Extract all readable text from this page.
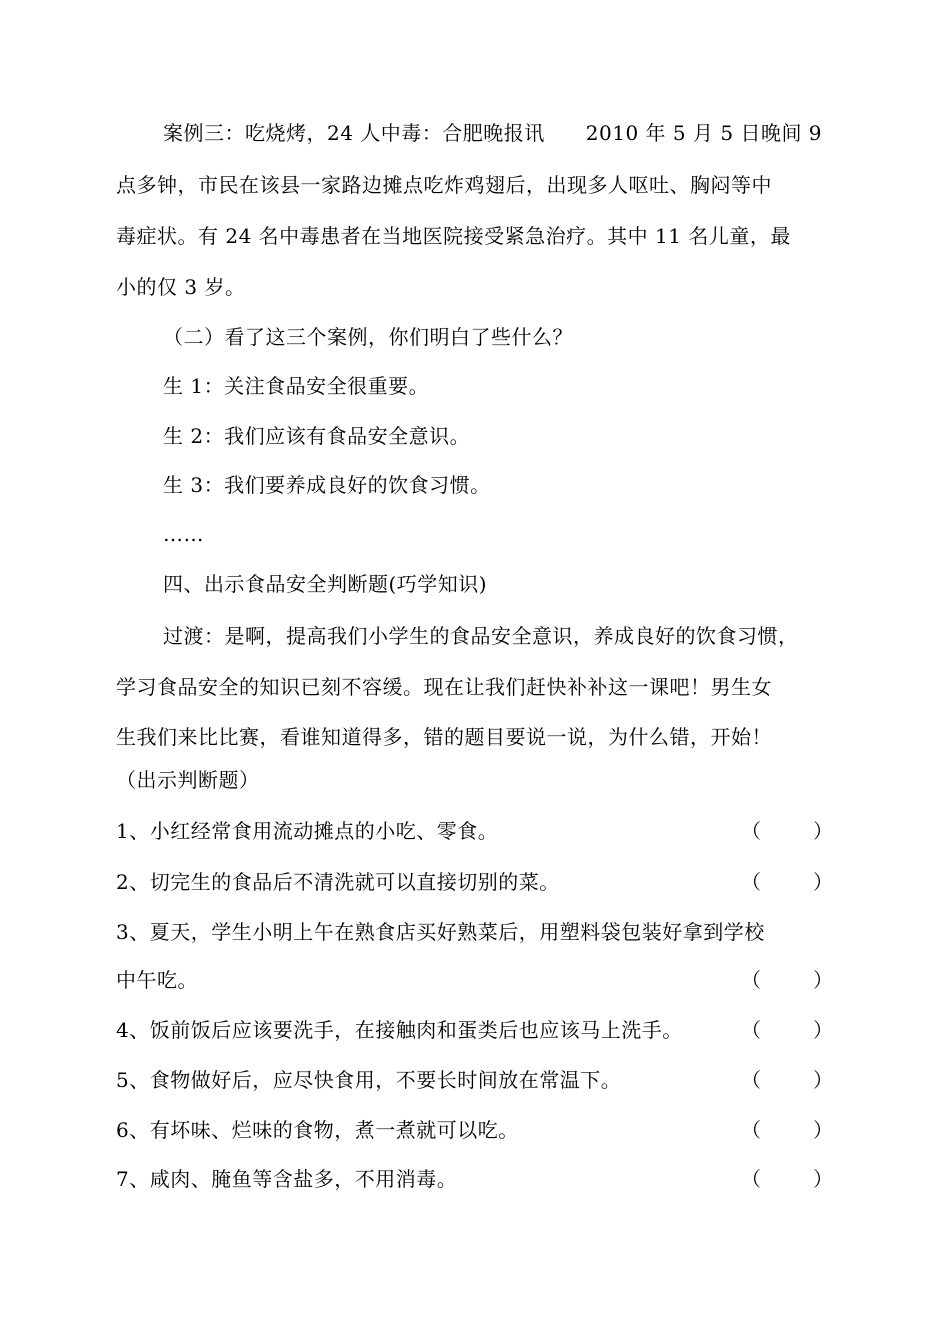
案例三：吃烧烤，24 人中毒：合肥晚报讯　　2010 年 5 月 5 日晚间 9
点多钟，市民在该县一家路边摊点吃炸鸡翅后，出现多人呕吐、胸闷等中
毒症状。有 24 名中毒患者在当地医院接受紧急治疗。其中 11 名儿童，最
小的仅 3 岁。
（二）看了这三个案例，你们明白了些什么？
生 1：关注食品安全很重要。
生 2：我们应该有食品安全意识。
生 3：我们要养成良好的饮食习惯。
……
四、出示食品安全判断题(巧学知识)
过渡：是啊，提高我们小学生的食品安全意识，养成良好的饮食习惯，
学习食品安全的知识已刻不容缓。现在让我们赶快补补这一课吧！男生女
生我们来比比赛，看谁知道得多，错的题目要说一说，为什么错，开始！
（出示判断题）
1、小红经常食用流动摊点的小吃、零食。	（	）
2、切完生的食品后不清洗就可以直接切别的菜。	（	）
3、夏天，学生小明上午在熟食店买好熟菜后，用塑料袋包装好拿到学校
中午吃。	（	）
4、饭前饭后应该要洗手，在接触肉和蛋类后也应该马上洗手。	（	）
5、食物做好后，应尽快食用，不要长时间放在常温下。	（	）
6、有坏味、烂味的食物，煮一煮就可以吃。	（	）
7、咸肉、腌鱼等含盐多，不用消毒。	（	）
